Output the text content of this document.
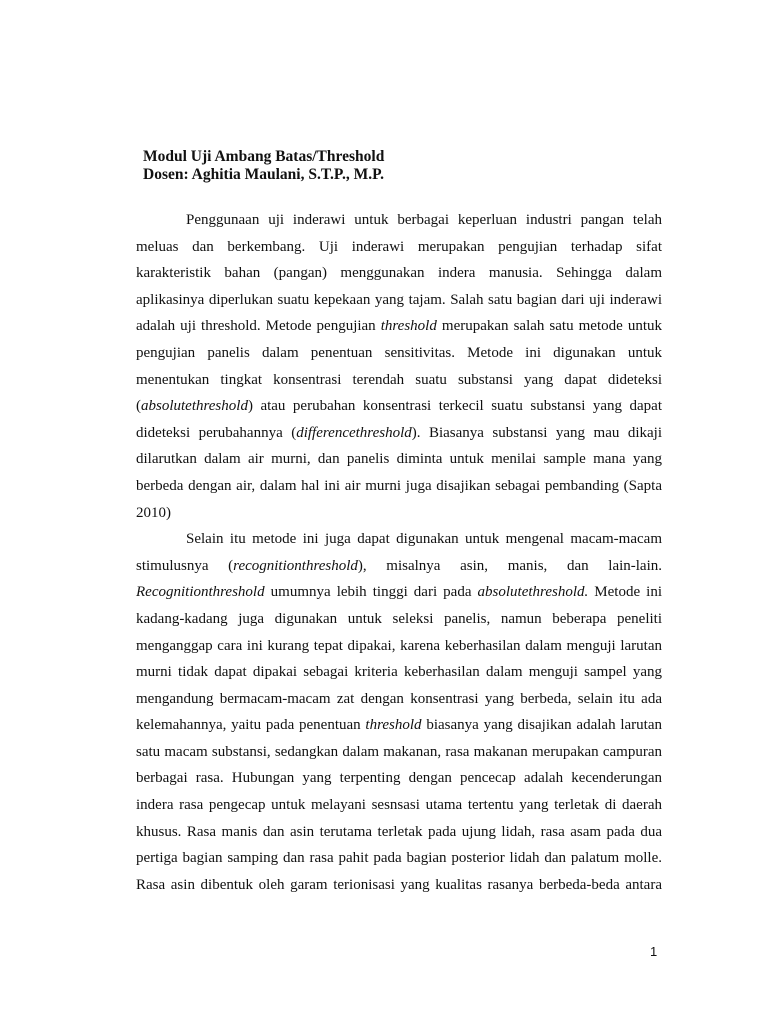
Modul Uji Ambang Batas/Threshold
Dosen: Aghitia Maulani, S.T.P., M.P.
Penggunaan uji inderawi untuk berbagai keperluan industri pangan telah
meluas dan berkembang. Uji inderawi merupakan pengujian terhadap sifat
karakteristik bahan (pangan) menggunakan indera manusia. Sehingga dalam
aplikasinya diperlukan suatu kepekaan yang tajam. Salah satu bagian dari uji inderawi
adalah uji threshold. Metode pengujian threshold merupakan salah satu metode untuk
pengujian panelis dalam penentuan sensitivitas. Metode ini digunakan untuk
menentukan tingkat konsentrasi terendah suatu substansi yang dapat dideteksi
(absolutethreshold) atau perubahan konsentrasi terkecil suatu substansi yang dapat
dideteksi perubahannya (differencethreshold). Biasanya substansi yang mau dikaji
dilarutkan dalam air murni, dan panelis diminta untuk menilai sample mana yang
berbeda dengan air, dalam hal ini air murni juga disajikan sebagai pembanding (Sapta
2010)
Selain itu metode ini juga dapat digunakan untuk mengenal macam-macam
stimulusnya (recognitionthreshold), misalnya asin, manis, dan lain-lain.
Recognitionthreshold umumnya lebih tinggi dari pada absolutethreshold. Metode ini
kadang-kadang juga digunakan untuk seleksi panelis, namun beberapa peneliti
menganggap cara ini kurang tepat dipakai, karena keberhasilan dalam menguji larutan
murni tidak dapat dipakai sebagai kriteria keberhasilan dalam menguji sampel yang
mengandung bermacam-macam zat dengan konsentrasi yang berbeda, selain itu ada
kelemahannya, yaitu pada penentuan threshold biasanya yang disajikan adalah larutan
satu macam substansi, sedangkan dalam makanan, rasa makanan merupakan campuran
berbagai rasa. Hubungan yang terpenting dengan pencecap adalah kecenderungan
indera rasa pengecap untuk melayani sesnsasi utama tertentu yang terletak di daerah
khusus. Rasa manis dan asin terutama terletak pada ujung lidah, rasa asam pada dua
pertiga bagian samping dan rasa pahit pada bagian posterior lidah dan palatum molle.
Rasa asin dibentuk oleh garam terionisasi yang kualitas rasanya berbeda-beda antara
1
